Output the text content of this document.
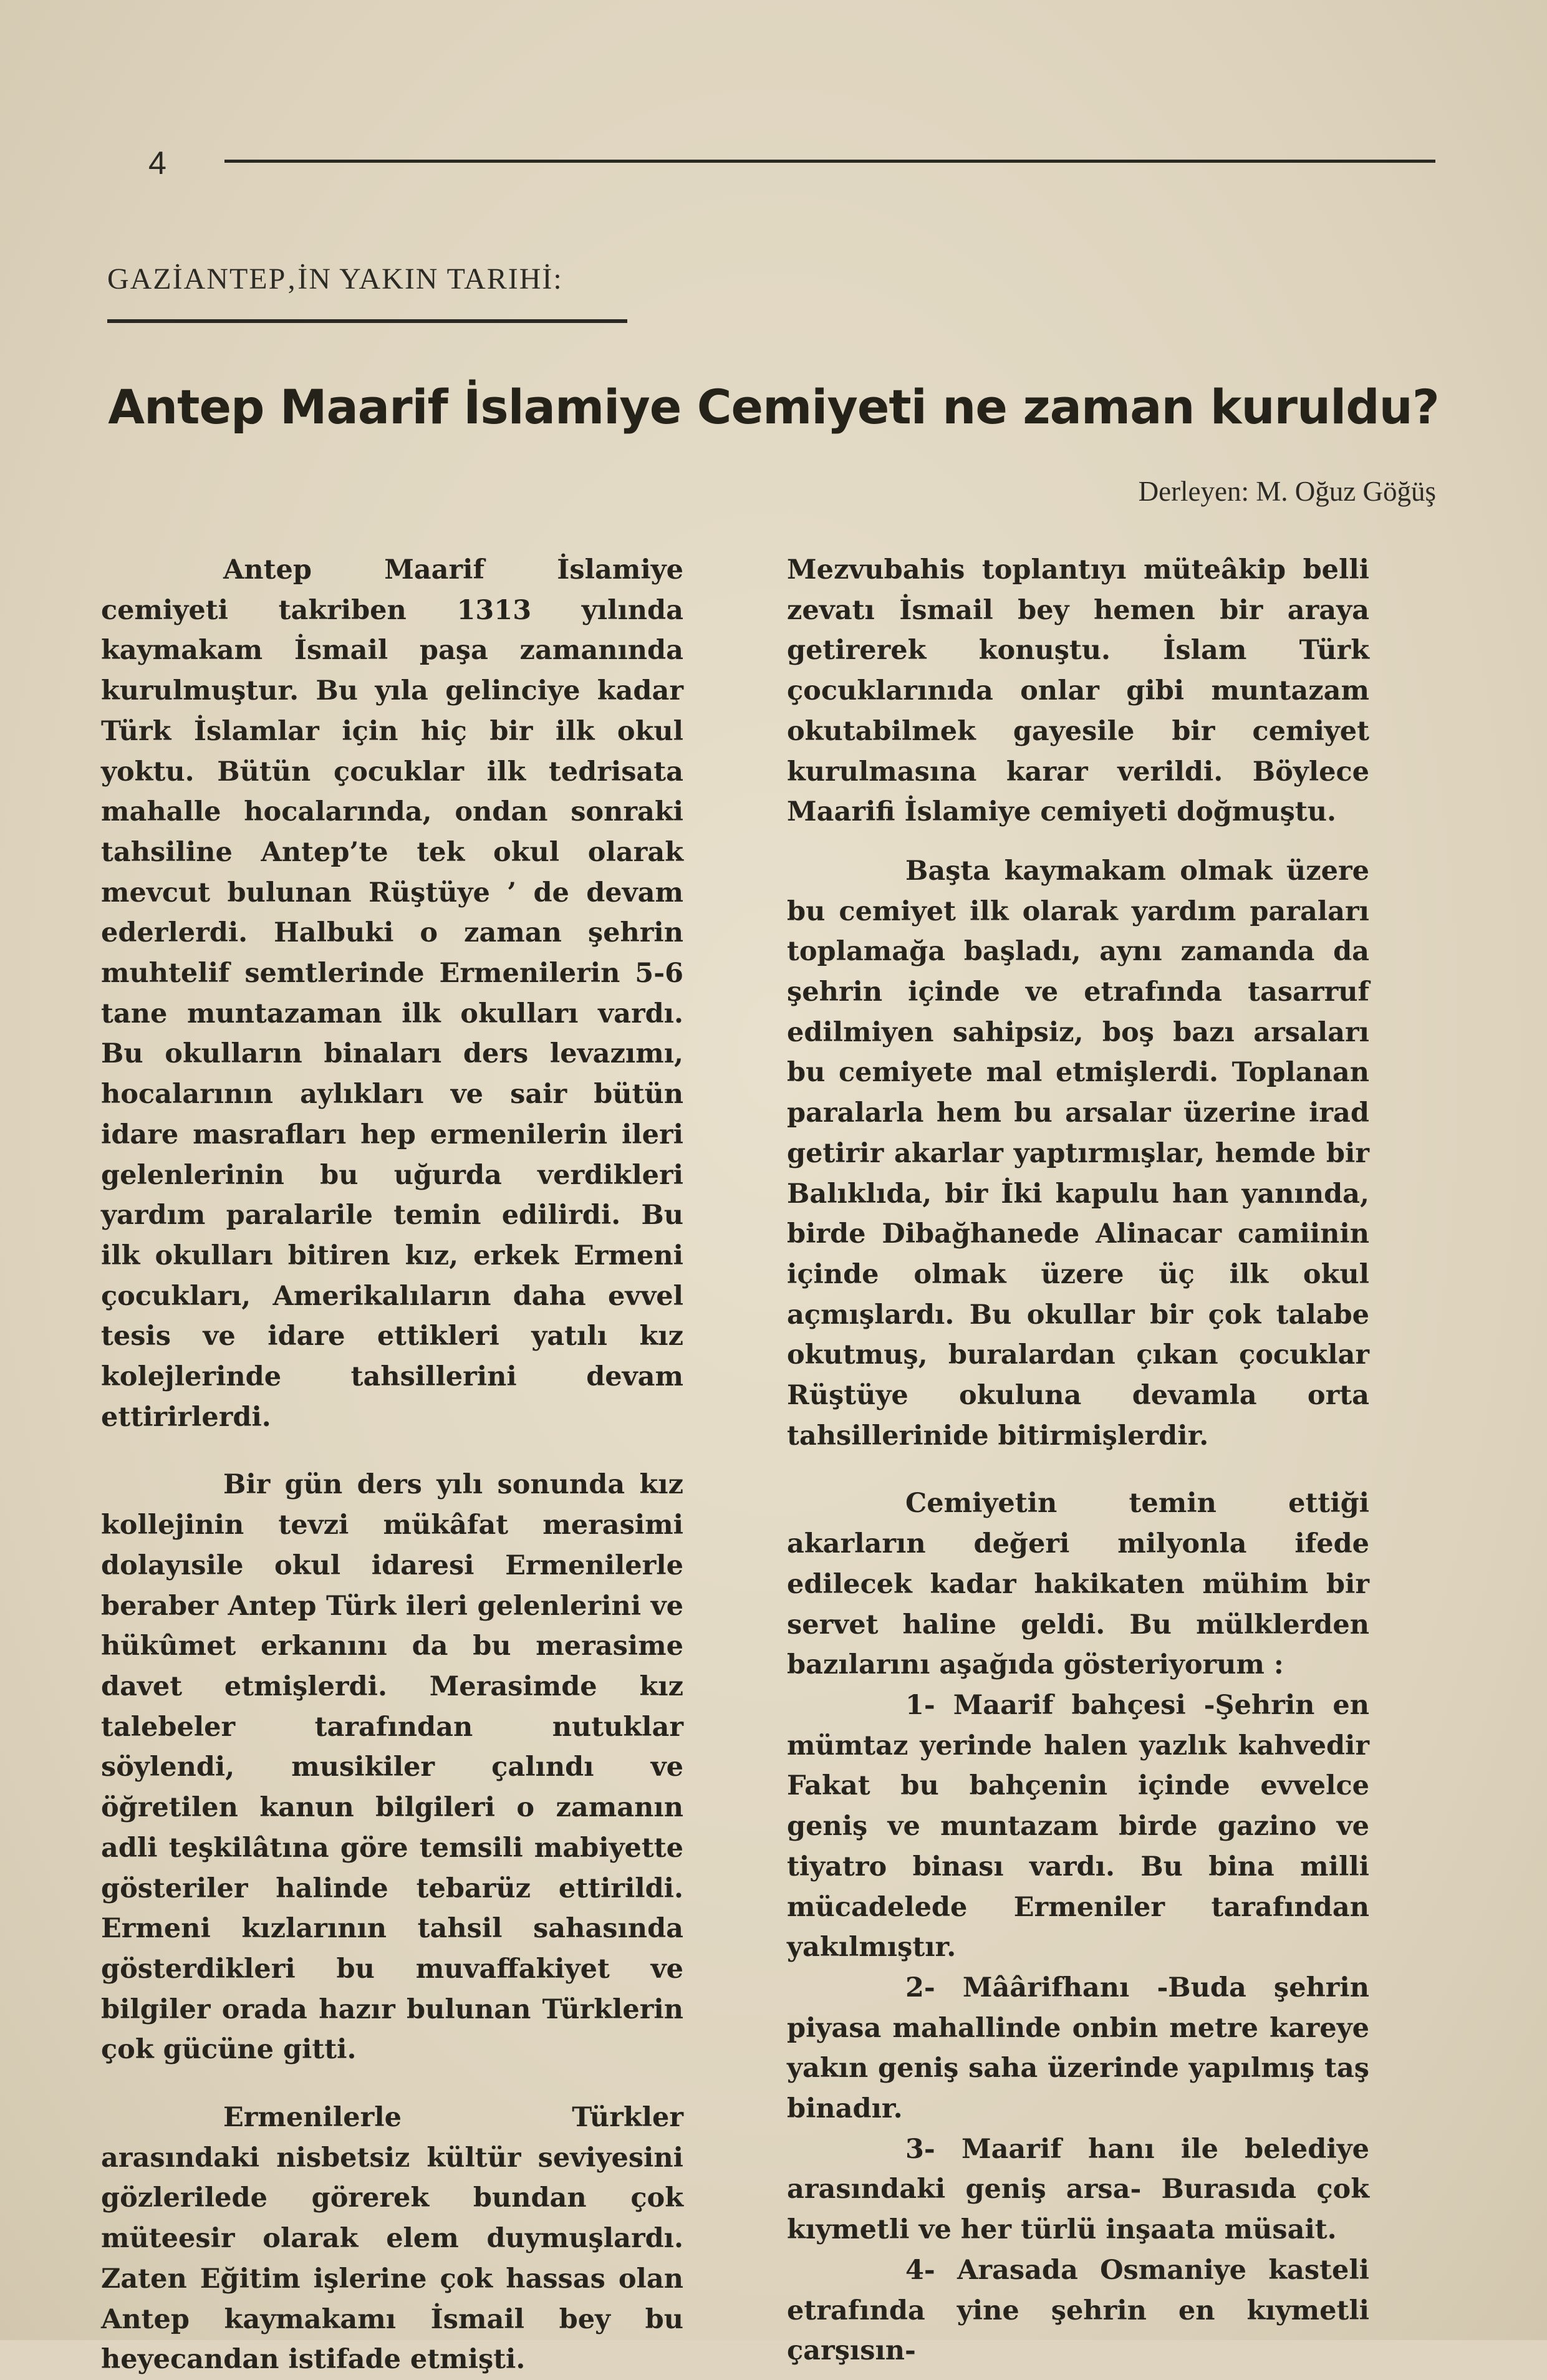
4
GAZİANTEP‚İN YAKIN TARIHİ:
Antep Maarif İslamiye Cemiyeti ne zaman kuruldu?
Derleyen: M. Oğuz Göğüş

Antep Maarif İslamiye cemiyeti takriben 1313 yılında kaymakam İsmail paşa zamanında kurulmuştur. Bu yıla gelinciye kadar Türk İslamlar için hiç bir ilk okul yoktu. Bütün çocuklar ilk tedrisata mahalle hocalarında, ondan sonraki tahsiline Antep’te tek okul olarak mevcut bulunan Rüştüye ’ de devam ederlerdi. Halbuki o zaman şehrin muhtelif semtlerinde Ermenilerin 5-6 tane muntazaman ilk okulları vardı. Bu okulların binaları ders levazımı, hocalarının aylıkları ve sair bütün idare masrafları hep ermenilerin ileri gelenlerinin bu uğurda verdikleri yardım paralarile temin edilirdi. Bu ilk okulları bitiren kız, erkek Ermeni çocukları, Amerikalıların daha evvel tesis ve idare ettikleri yatılı kız kolejlerinde tahsillerini devam ettirirlerdi.

Bir gün ders yılı sonunda kız kollejinin tevzi mükâfat merasimi dolayısile okul idaresi Ermenilerle beraber Antep Türk ileri gelenlerini ve hükûmet erkanını da bu merasime davet etmişlerdi. Merasimde kız talebeler tarafından nutuklar söylendi, musikiler çalındı ve öğretilen kanun bilgileri o zamanın adli teşkilâtına göre temsili mabiyette gösteriler halinde tebarüz ettirildi. Ermeni kızlarının tahsil sahasında gösterdikleri bu muvaffakiyet ve bilgiler orada hazır bulunan Türklerin çok gücüne gitti.

Ermenilerle Türkler arasındaki nisbetsiz kültür seviyesini gözlerilede görerek bundan çok müteesir olarak elem duymuşlardı. Zaten Eğitim işlerine çok hassas olan Antep kaymakamı İsmail bey bu heyecandan istifade etmişti.

Mezvubahis toplantıyı müteâkip belli zevatı İsmail bey hemen bir araya getirerek konuştu. İslam Türk çocuklarınıda onlar gibi muntazam okutabilmek gayesile bir cemiyet kurulmasına karar verildi. Böylece Maarifi İslamiye cemiyeti doğmuştu.

Başta kaymakam olmak üzere bu cemiyet ilk olarak yardım paraları toplamağa başladı, aynı zamanda da şehrin içinde ve etrafında tasarruf edilmiyen sahipsiz, boş bazı arsaları bu cemiyete mal etmişlerdi. Toplanan paralarla hem bu arsalar üzerine irad getirir akarlar yaptırmışlar, hemde bir Balıklıda, bir İki kapulu han yanında, birde Dibağhanede Alinacar camiinin içinde olmak üzere üç ilk okul açmışlardı. Bu okullar bir çok talabe okutmuş, buralardan çıkan çocuklar Rüştüye okuluna devamla orta tahsillerinide bitirmişlerdir.

Cemiyetin temin ettiği akarların değeri milyonla ifede edilecek kadar hakikaten mühim bir servet haline geldi. Bu mülklerden bazılarını aşağıda gösteriyorum :

1- Maarif bahçesi -Şehrin en mümtaz yerinde halen yazlık kahvedir Fakat bu bahçenin içinde evvelce geniş ve muntazam birde gazino ve tiyatro binası vardı. Bu bina milli mücadelede Ermeniler tarafından yakılmıştır.

2- Mâârifhanı -Buda şehrin piyasa mahallinde onbin metre kareye yakın geniş saha üzerinde yapılmış taş binadır.

3- Maarif hanı ile belediye arasındaki geniş arsa- Burasıda çok kıymetli ve her türlü inşaata müsait.

4- Arasada Osmaniye kasteli etrafında yine şehrin en kıymetli çarşısın-
